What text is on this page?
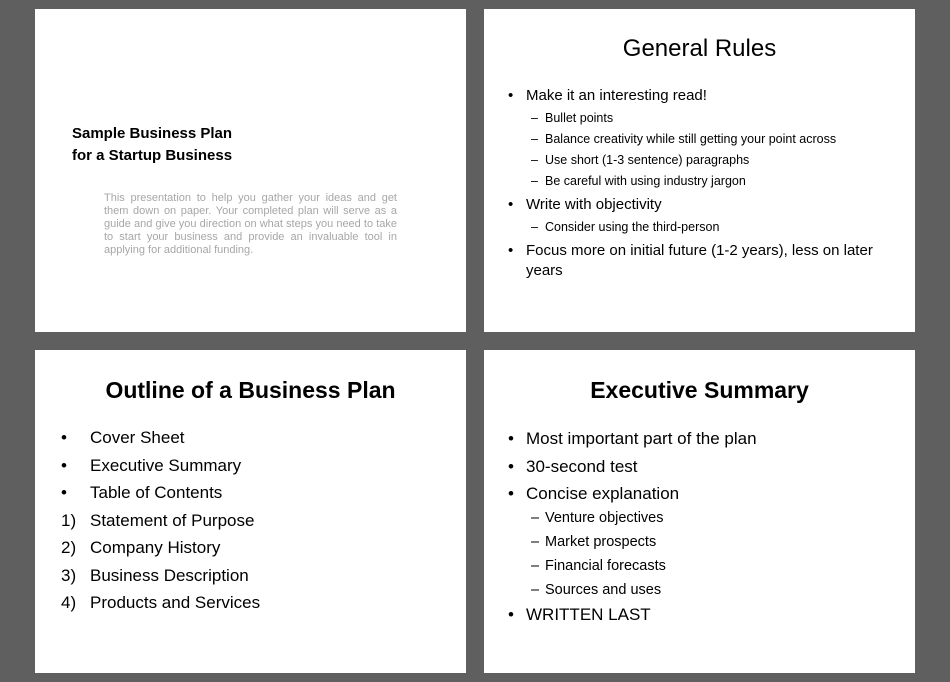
Sample Business Plan
for a Startup Business
This presentation to help you gather your ideas and get them down on paper. Your completed plan will serve as a guide and give you direction on what steps you need to take to start your business and provide an invaluable tool in applying for additional funding.
General Rules
• Make it an interesting read!
– Bullet points
– Balance creativity while still getting your point across
– Use short (1-3 sentence) paragraphs
– Be careful with using industry jargon
• Write with objectivity
– Consider using the third-person
• Focus more on initial future (1-2 years), less on later years
Outline of a Business Plan
• Cover Sheet
• Executive Summary
• Table of Contents
1) Statement of Purpose
2) Company History
3) Business Description
4) Products and Services
Executive Summary
• Most important part of the plan
• 30-second test
• Concise explanation
– Venture objectives
– Market prospects
– Financial forecasts
– Sources and uses
• WRITTEN LAST
